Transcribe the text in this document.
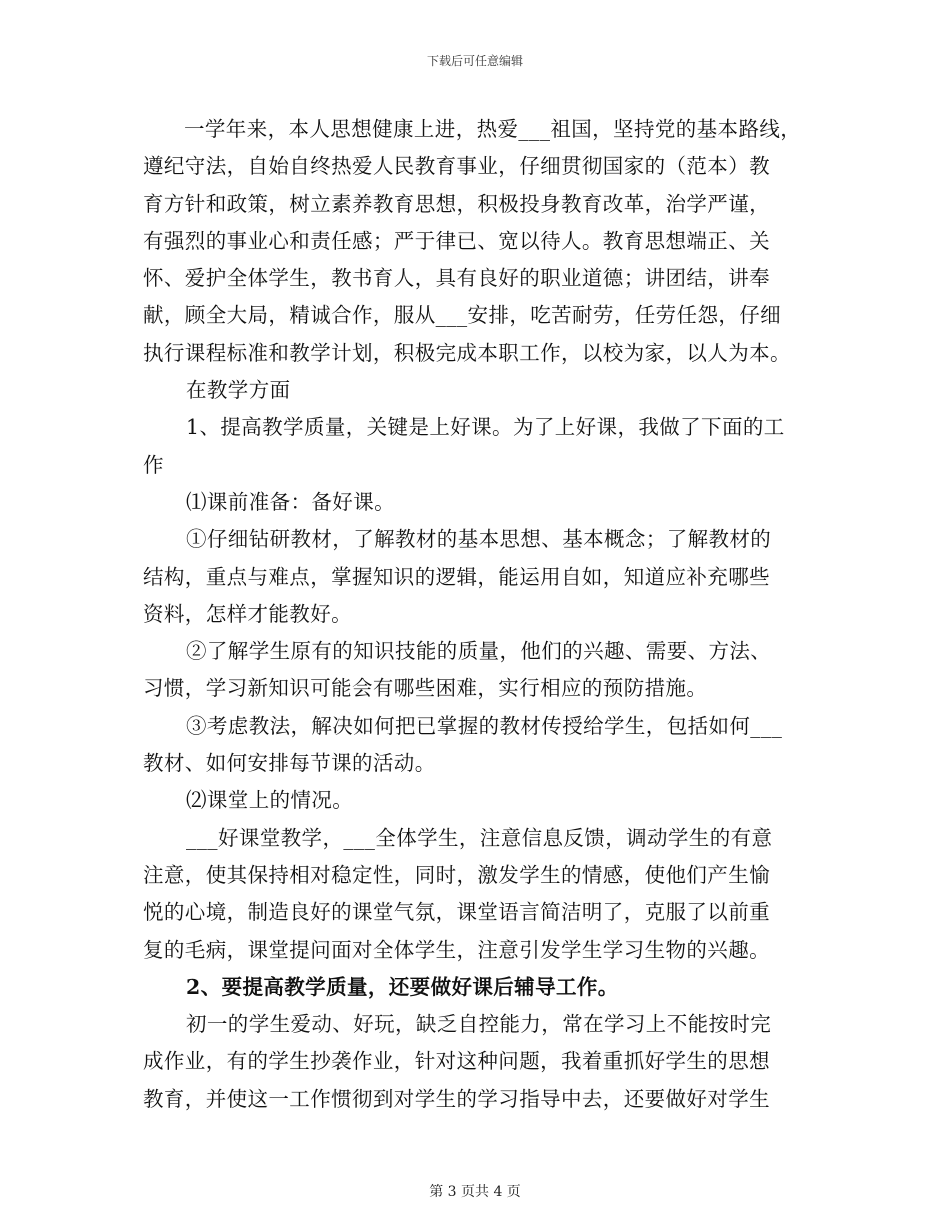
下载后可任意编辑

一学年来，本人思想健康上进，热爱___祖国，坚持党的基本路线，

遵纪守法，自始自终热爱人民教育事业，仔细贯彻国家的（范本）教

育方针和政策，树立素养教育思想，积极投身教育改革，治学严谨，

有强烈的事业心和责任感；严于律已、宽以待人。教育思想端正、关

怀、爱护全体学生，教书育人，具有良好的职业道德；讲团结，讲奉

献，顾全大局，精诚合作，服从___安排，吃苦耐劳，任劳任怨，仔细

执行课程标准和教学计划，积极完成本职工作，以校为家，以人为本。

在教学方面

1、提高教学质量，关键是上好课。为了上好课，我做了下面的工

作

⑴课前准备：备好课。

①仔细钻研教材，了解教材的基本思想、基本概念；了解教材的

结构，重点与难点，掌握知识的逻辑，能运用自如，知道应补充哪些

资料，怎样才能教好。

②了解学生原有的知识技能的质量，他们的兴趣、需要、方法、

习惯，学习新知识可能会有哪些困难，实行相应的预防措施。

③考虑教法，解决如何把已掌握的教材传授给学生，包括如何___

教材、如何安排每节课的活动。

⑵课堂上的情况。

___好课堂教学，___全体学生，注意信息反馈，调动学生的有意

注意，使其保持相对稳定性，同时，激发学生的情感，使他们产生愉

悦的心境，制造良好的课堂气氛，课堂语言简洁明了，克服了以前重

复的毛病，课堂提问面对全体学生，注意引发学生学习生物的兴趣。

2、要提高教学质量，还要做好课后辅导工作。

初一的学生爱动、好玩，缺乏自控能力，常在学习上不能按时完

成作业，有的学生抄袭作业，针对这种问题，我着重抓好学生的思想

教育，并使这一工作惯彻到对学生的学习指导中去，还要做好对学生

第 3 页共 4 页
